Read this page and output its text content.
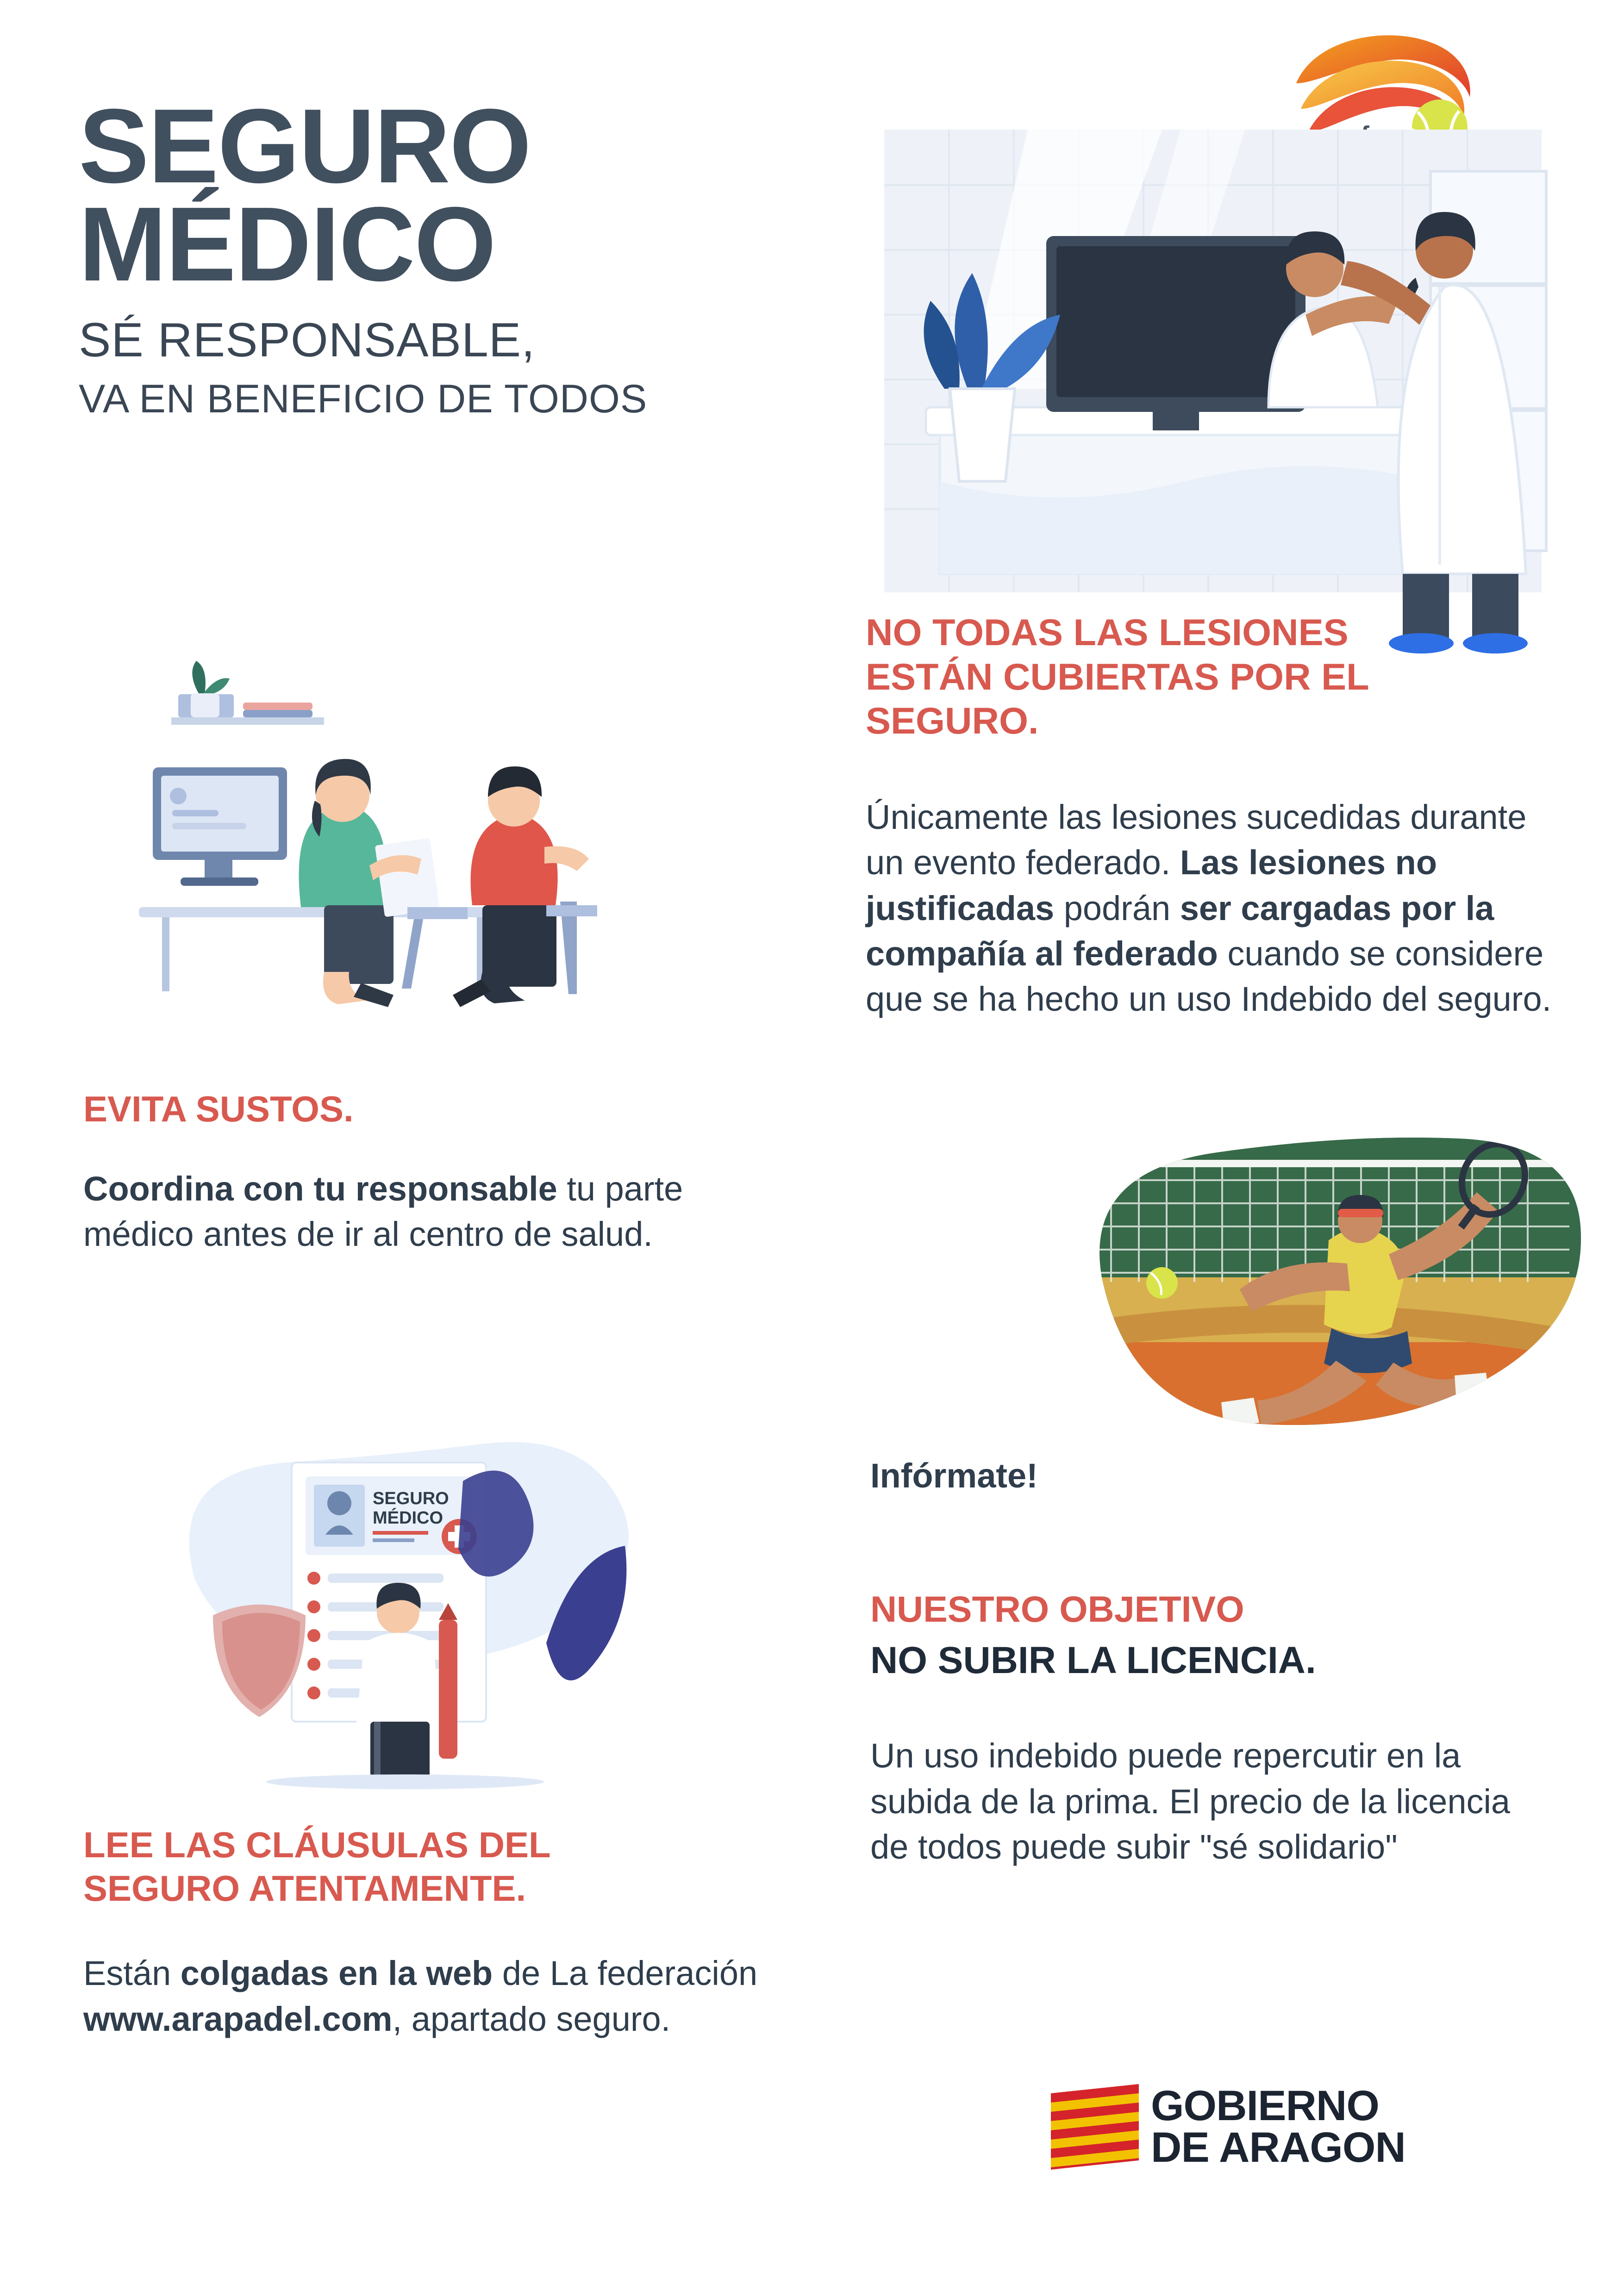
SEGURO
MÉDICO
SÉ RESPONSABLE,
VA EN BENEFICIO DE TODOS
EVITA SUSTOS.

Coordina con tu responsable tu parte médico antes de ir al centro de salud.

SEGURO
MÉDICO
LEE LAS CLÁUSULAS DEL
SEGURO ATENTAMENTE.

Están colgadas en la web de La federación www.arapadel.com, apartado seguro.

NO TODAS LAS LESIONES
ESTÁN CUBIERTAS POR EL
SEGURO.

Únicamente las lesiones sucedidas durante un evento federado. Las lesiones no justificadas podrán ser cargadas por la compañía al federado cuando se considere que se ha hecho un uso Indebido del seguro.

Infórmate!
NUESTRO OBJETIVO
NO SUBIR LA LICENCIA.

Un uso indebido puede repercutir en la subida de la prima. El precio de la licencia de todos puede subir "sé solidario"

GOBIERNO
DE ARAGON
